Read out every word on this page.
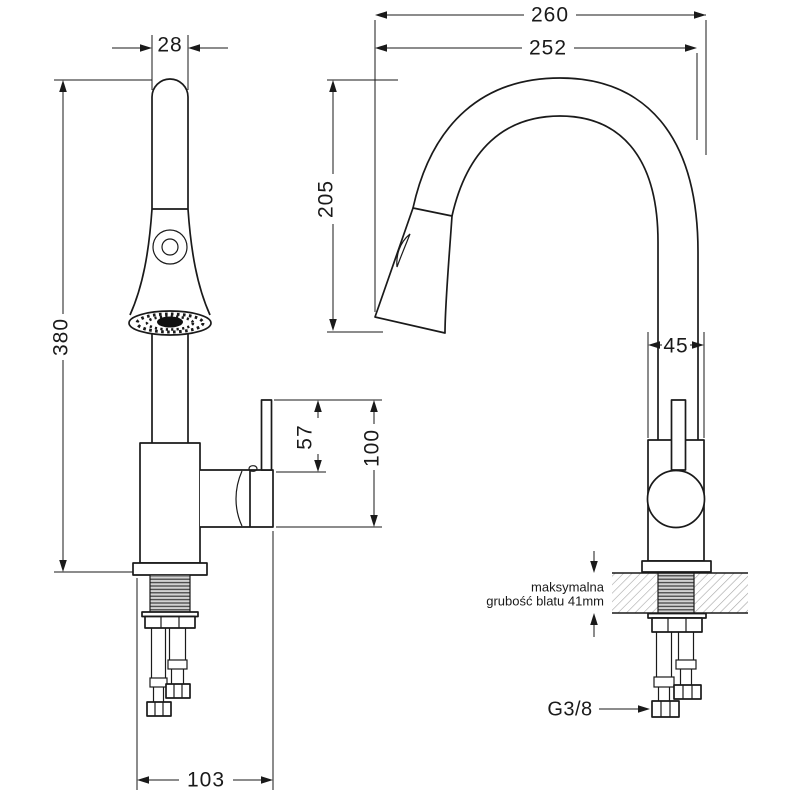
260
252
28
380
205
57 100
45
103
maksymalna
grubość blatu 41mm
G3/8
